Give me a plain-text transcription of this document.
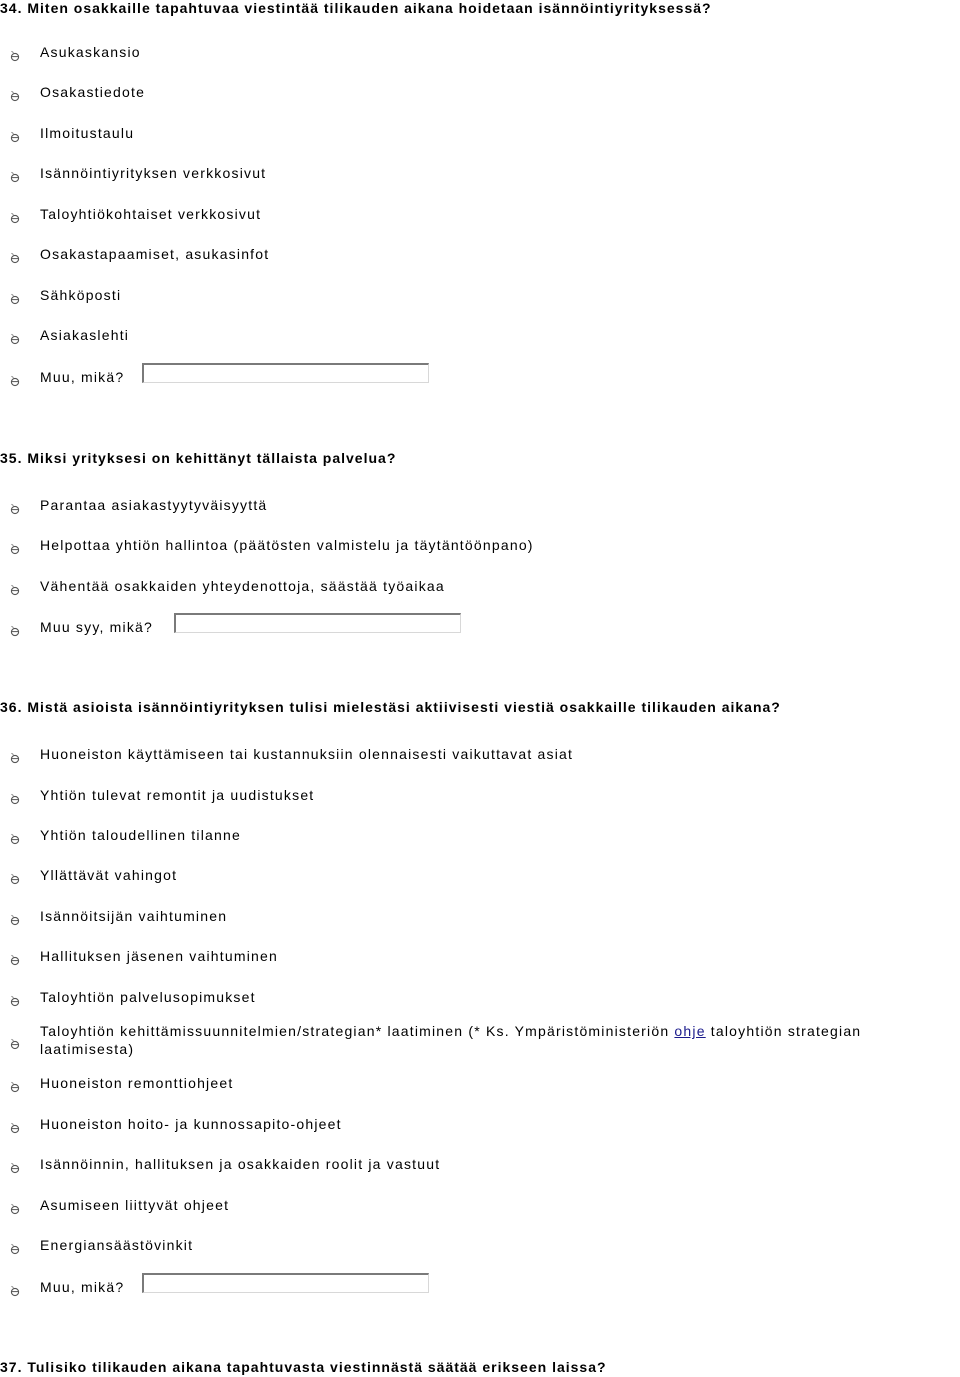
34. Miten osakkaille tapahtuvaa viestintää tilikauden aikana hoidetaan isännöintiyrityksessä?
Asukaskansio
Osakastiedote
Ilmoitustaulu
Isännöintiyrityksen verkkosivut
Taloyhtiökohtaiset verkkosivut
Osakastapaamiset, asukasinfot
Sähköposti
Asiakaslehti
Muu, mikä?
35. Miksi yrityksesi on kehittänyt tällaista palvelua?
Parantaa asiakastyytyväisyyttä
Helpottaa yhtiön hallintoa (päätösten valmistelu ja täytäntöönpano)
Vähentää osakkaiden yhteydenottoja, säästää työaikaa
Muu syy, mikä?
36. Mistä asioista isännöintiyrityksen tulisi mielestäsi aktiivisesti viestiä osakkaille tilikauden aikana?
Huoneiston käyttämiseen tai kustannuksiin olennaisesti vaikuttavat asiat
Yhtiön tulevat remontit ja uudistukset
Yhtiön taloudellinen tilanne
Yllättävät vahingot
Isännöitsijän vaihtuminen
Hallituksen jäsenen vaihtuminen
Taloyhtiön palvelusopimukset
Taloyhtiön kehittämissuunnitelmien/strategian* laatiminen (* Ks. Ympäristöministeriön ohje taloyhtiön strategian laatimisesta)
Huoneiston remonttiohjeet
Huoneiston hoito- ja kunnossapito-ohjeet
Isännöinnin, hallituksen ja osakkaiden roolit ja vastuut
Asumiseen liittyvät ohjeet
Energiansäästövinkit
Muu, mikä?
37. Tulisiko tilikauden aikana tapahtuvasta viestinnästä säätää erikseen laissa?
